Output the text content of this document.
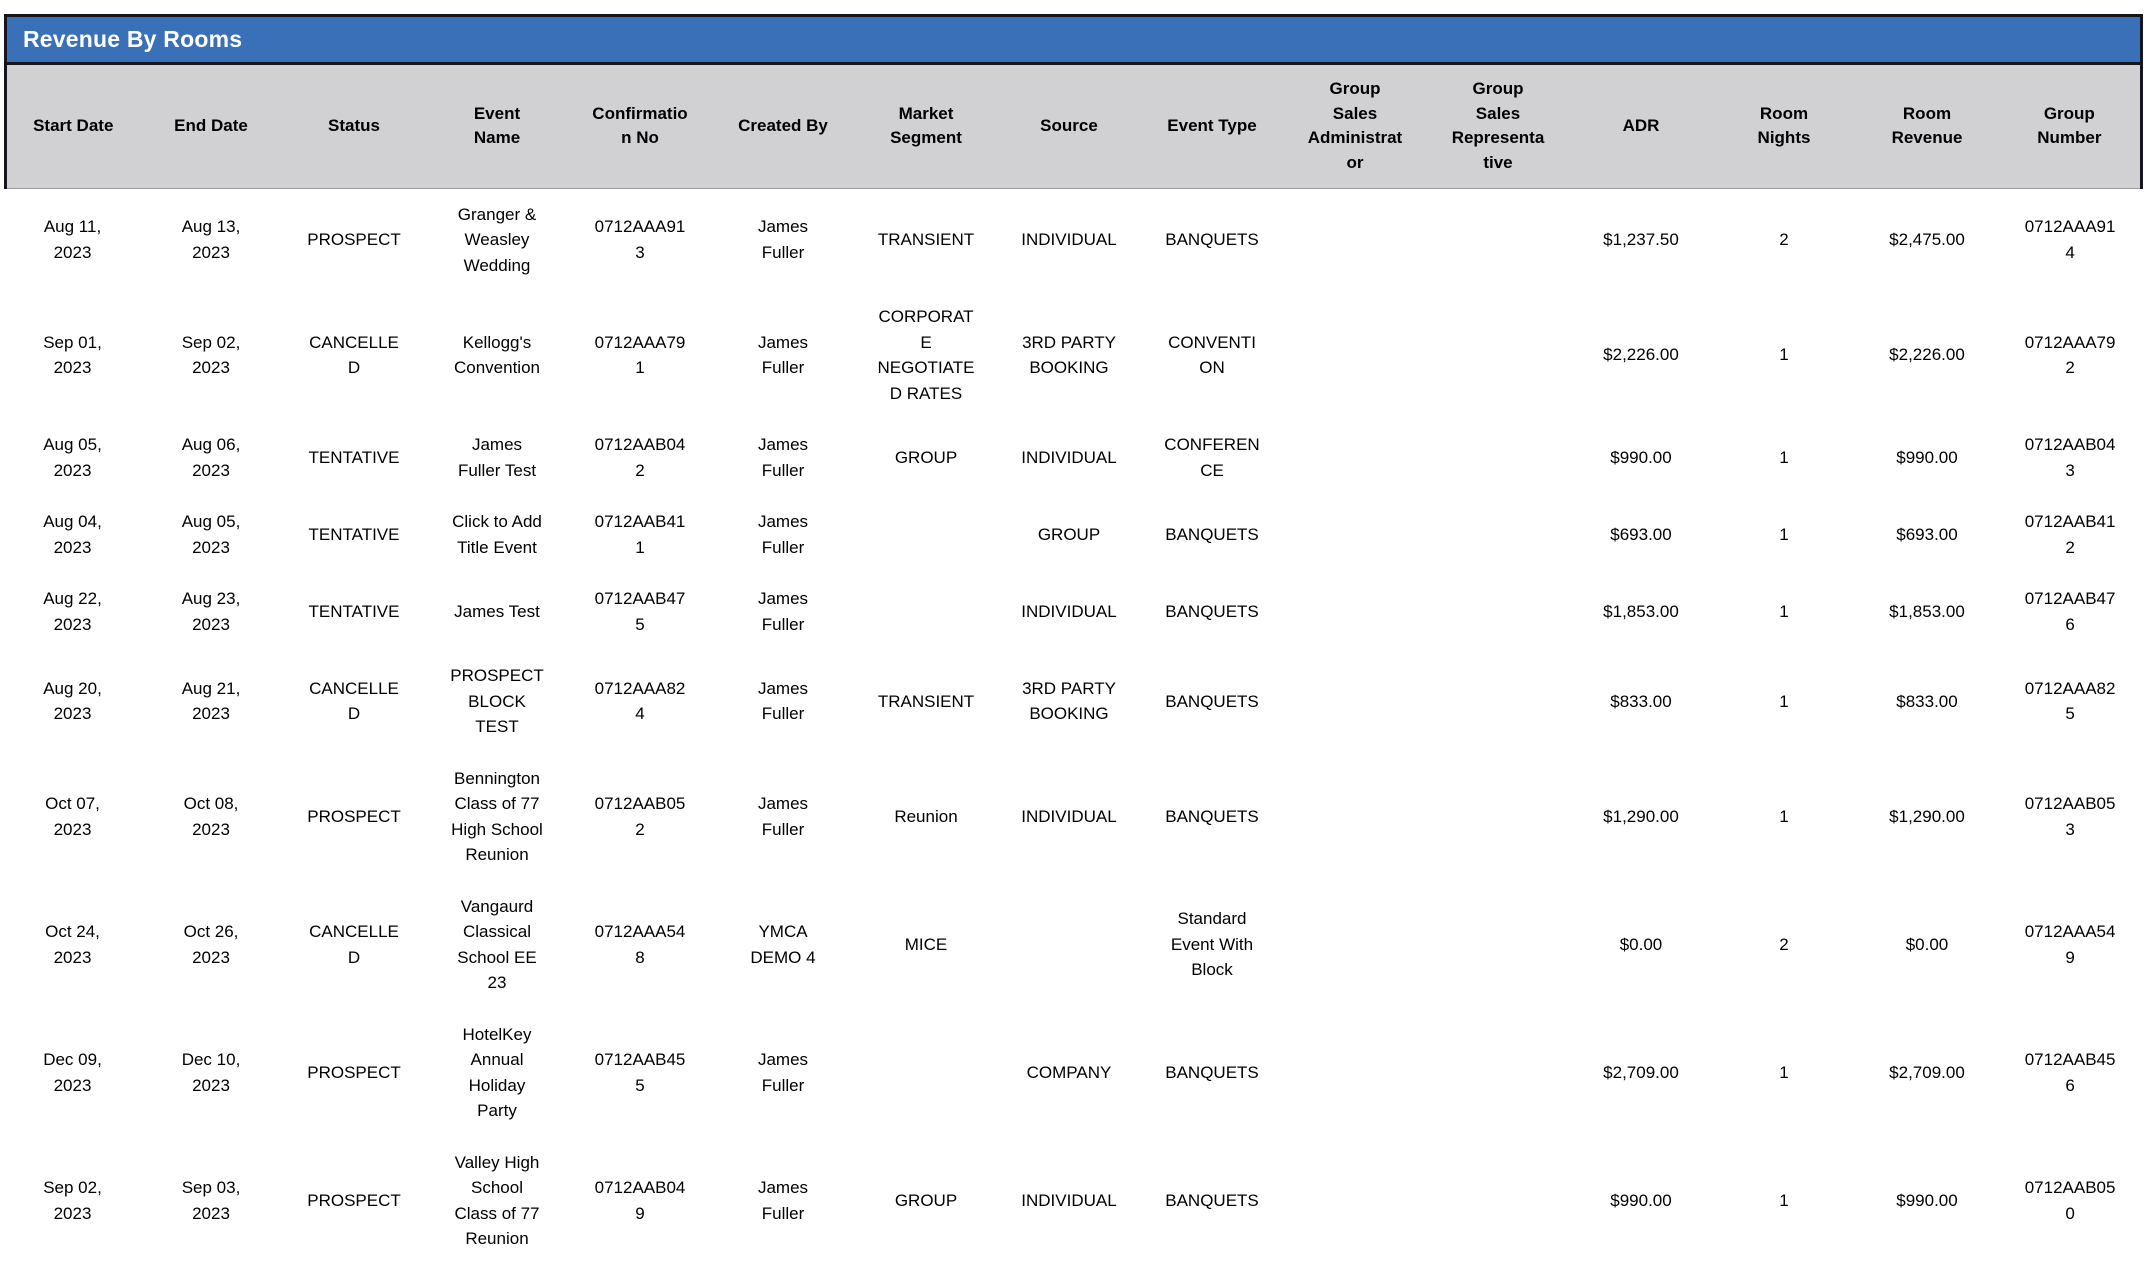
Revenue By Rooms														
Start Date	End Date	Status	Event Name	Confirmation No	Created By	Market Segment	Source	Event Type	Group Sales Administrator	Group Sales Representative	ADR	Room Nights	Room Revenue	Group Number
Aug 11, 2023	Aug 13, 2023	PROSPECT	Granger & Weasley Wedding	0712AAA913	James Fuller	TRANSIENT	INDIVIDUAL	BANQUETS			$1,237.50	2	$2,475.00	0712AAA914
Sep 01, 2023	Sep 02, 2023	CANCELLED	Kellogg's Convention	0712AAA791	James Fuller	CORPORATE NEGOTIATED RATES	3RD PARTY BOOKING	CONVENTION			$2,226.00	1	$2,226.00	0712AAA792
Aug 05, 2023	Aug 06, 2023	TENTATIVE	James Fuller Test	0712AAB042	James Fuller	GROUP	INDIVIDUAL	CONFERENCE			$990.00	1	$990.00	0712AAB043
Aug 04, 2023	Aug 05, 2023	TENTATIVE	Click to Add Title Event	0712AAB411	James Fuller		GROUP	BANQUETS			$693.00	1	$693.00	0712AAB412
Aug 22, 2023	Aug 23, 2023	TENTATIVE	James Test	0712AAB475	James Fuller		INDIVIDUAL	BANQUETS			$1,853.00	1	$1,853.00	0712AAB476
Aug 20, 2023	Aug 21, 2023	CANCELLED	PROSPECT BLOCK TEST	0712AAA824	James Fuller	TRANSIENT	3RD PARTY BOOKING	BANQUETS			$833.00	1	$833.00	0712AAA825
Oct 07, 2023	Oct 08, 2023	PROSPECT	Bennington Class of 77 High School Reunion	0712AAB052	James Fuller	Reunion	INDIVIDUAL	BANQUETS			$1,290.00	1	$1,290.00	0712AAB053
Oct 24, 2023	Oct 26, 2023	CANCELLED	Vangaurd Classical School EE 23	0712AAA548	YMCA DEMO 4	MICE		Standard Event With Block			$0.00	2	$0.00	0712AAA549
Dec 09, 2023	Dec 10, 2023	PROSPECT	HotelKey Annual Holiday Party	0712AAB455	James Fuller		COMPANY	BANQUETS			$2,709.00	1	$2,709.00	0712AAB456
Sep 02, 2023	Sep 03, 2023	PROSPECT	Valley High School Class of 77 Reunion	0712AAB049	James Fuller	GROUP	INDIVIDUAL	BANQUETS			$990.00	1	$990.00	0712AAB050
